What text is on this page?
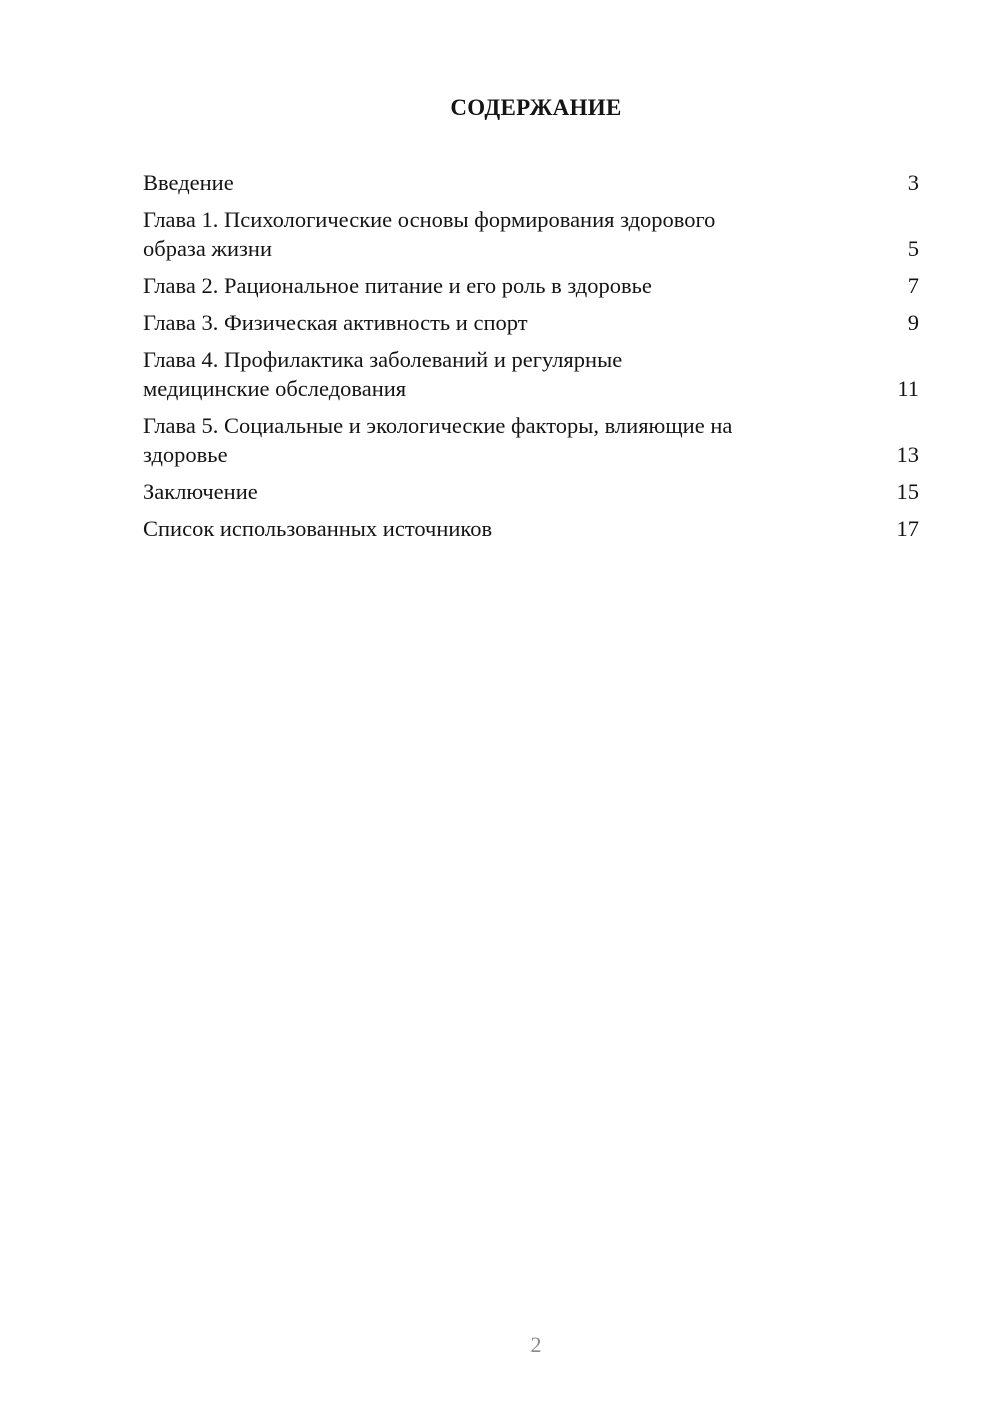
СОДЕРЖАНИЕ
Введение	3
Глава 1. Психологические основы формирования здорового
образа жизни	5
Глава 2. Рациональное питание и его роль в здоровье	7
Глава 3. Физическая активность и спорт	9
Глава 4. Профилактика заболеваний и регулярные
медицинские обследования	11
Глава 5. Социальные и экологические факторы, влияющие на
здоровье	13
Заключение	15
Список использованных источников	17
2
